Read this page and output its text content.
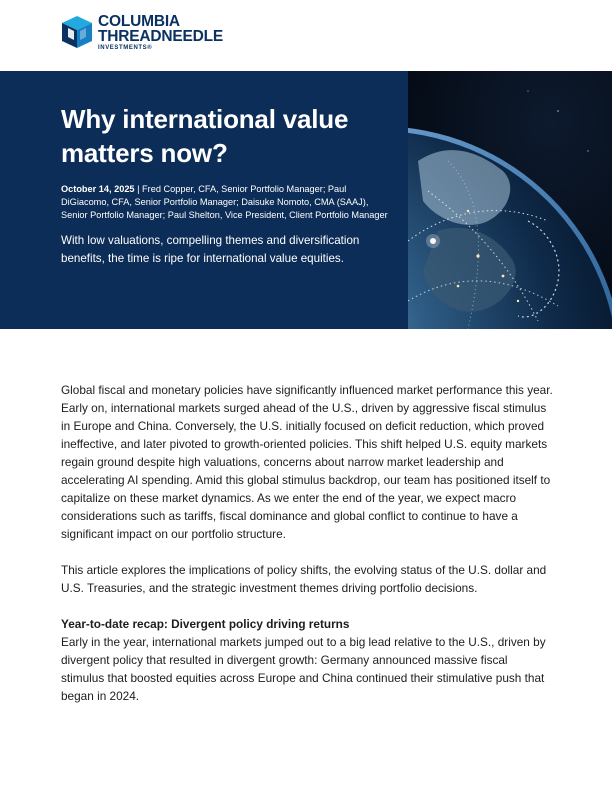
COLUMBIA
THREADNEEDLE
INVESTMENTS®
Why international value matters now?
October 14, 2025 | Fred Copper, CFA, Senior Portfolio Manager; Paul DiGiacomo, CFA, Senior Portfolio Manager; Daisuke Nomoto, CMA (SAAJ), Senior Portfolio Manager; Paul Shelton, Vice President, Client Portfolio Manager
With low valuations, compelling themes and diversification benefits, the time is ripe for international value equities.

Global fiscal and monetary policies have significantly influenced market performance this year. Early on, international markets surged ahead of the U.S., driven by aggressive fiscal stimulus in Europe and China. Conversely, the U.S. initially focused on deficit reduction, which proved ineffective, and later pivoted to growth-oriented policies. This shift helped U.S. equity markets regain ground despite high valuations, concerns about narrow market leadership and accelerating AI spending. Amid this global stimulus backdrop, our team has positioned itself to capitalize on these market dynamics. As we enter the end of the year, we expect macro considerations such as tariffs, fiscal dominance and global conflict to continue to have a significant impact on our portfolio structure.

This article explores the implications of policy shifts, the evolving status of the U.S. dollar and U.S. Treasuries, and the strategic investment themes driving portfolio decisions.

Year-to-date recap: Divergent policy driving returns

Early in the year, international markets jumped out to a big lead relative to the U.S., driven by divergent policy that resulted in divergent growth: Germany announced massive fiscal stimulus that boosted equities across Europe and China continued their stimulative push that began in 2024.
